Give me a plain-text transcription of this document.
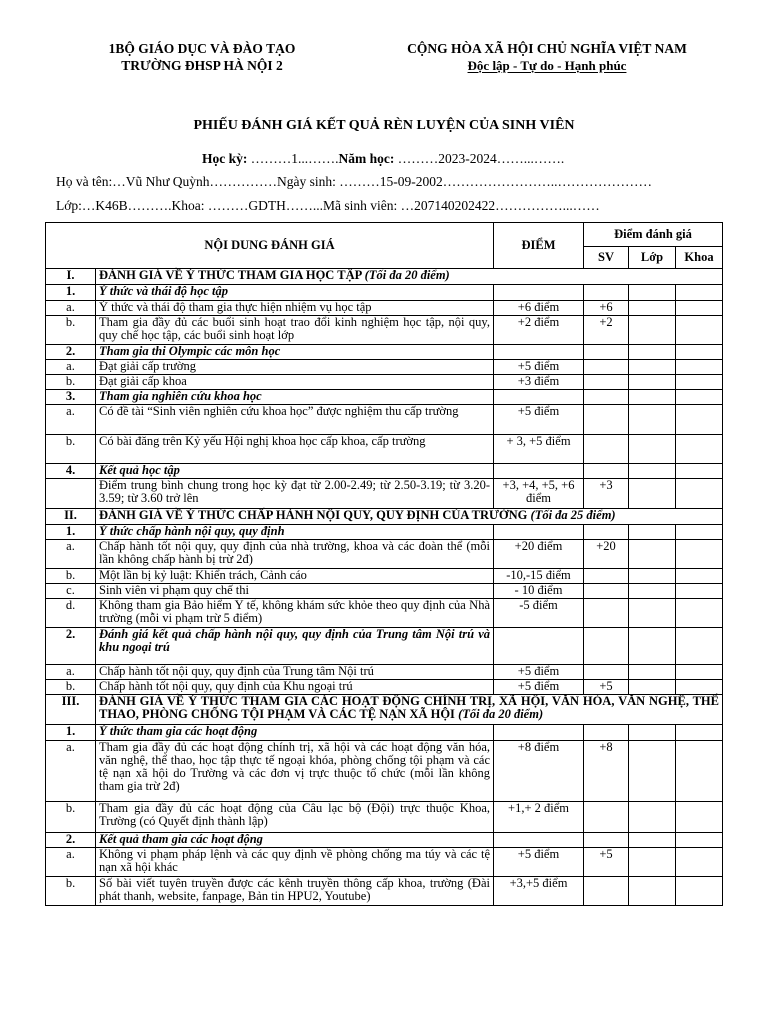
1BỘ GIÁO DỤC VÀ ĐÀO TẠO
TRƯỜNG ĐHSP HÀ NỘI 2
CỘNG HÒA XÃ HỘI CHỦ NGHĨA VIỆT NAM
Độc lập - Tự do - Hạnh phúc
PHIẾU ĐÁNH GIÁ KẾT QUẢ RÈN LUYỆN CỦA SINH VIÊN
Học kỳ: ………1...…….Năm học: ………2023-2024……...…….
Họ và tên:…Vũ Như Quỳnh……………Ngày sinh: ………15-09-2002……………………..…………………
Lớp:…K46B……….Khoa: ………GDTH……...Mã sinh viên: …207140202422……………...……
NỘI DUNG ĐÁNH GIÁ		ĐIỂM	Điểm đánh giá		
			SV	Lớp	Khoa
I.	ĐÁNH GIÁ VỀ Ý THỨC THAM GIA HỌC TẬP (Tối đa 20 điểm)				
1.	Ý thức và thái độ học tập				
a.	Ý thức và thái độ tham gia thực hiện nhiệm vụ học tập	+6 điểm	+6		
b.	Tham gia đầy đủ các buổi sinh hoạt trao đổi kinh nghiệm học tập, nội quy, quy chế học tập, các buổi sinh hoạt lớp	+2 điểm	+2		
2.	Tham gia thi Olympic các môn học				
a.	Đạt giải cấp trường	+5 điểm			
b.	Đạt giải cấp khoa	+3 điểm			
3.	Tham gia nghiên cứu khoa học				
a.	Có đề tài “Sinh viên nghiên cứu khoa học” được nghiệm thu cấp trường	+5 điểm			
b.	Có bài đăng trên Kỷ yếu Hội nghị khoa học cấp khoa, cấp trường	+ 3, +5 điểm			
4.	Kết quả học tập				
	Điểm trung bình chung trong học kỳ đạt từ 2.00-2.49; từ 2.50-3.19; từ 3.20-3.59; từ 3.60 trở lên	+3, +4, +5, +6 điểm	+3		
II.	ĐÁNH GIÁ VỀ Ý THỨC CHẤP HÀNH NỘI QUY, QUY ĐỊNH CỦA TRƯỜNG (Tối đa 25 điểm)				
1.	Ý thức chấp hành nội quy, quy định				
a.	Chấp hành tốt nội quy, quy định của nhà trường, khoa và các đoàn thể (mỗi lần không chấp hành bị trừ 2đ)	+20 điểm	+20		
b.	Một lần bị kỷ luật: Khiển trách, Cảnh cáo	-10,-15 điểm			
c.	Sinh viên vi phạm quy chế thi	- 10 điểm			
d.	Không tham gia Bảo hiểm Y tế, không khám sức khỏe theo quy định của Nhà trường (mỗi vi phạm trừ 5 điểm)	-5 điểm			
2.	Đánh giá kết quả chấp hành nội quy, quy định của Trung tâm Nội trú và khu ngoại trú				
a.	Chấp hành tốt nội quy, quy định của Trung tâm Nội trú	+5 điểm			
b.	Chấp hành tốt nội quy, quy định của Khu ngoại trú	+5 điểm	+5		
III.	ĐÁNH GIÁ VỀ Ý THỨC THAM GIA CÁC HOẠT ĐỘNG CHÍNH TRỊ, XÃ HỘI, VĂN HÓA, VĂN NGHỆ, THỂ THAO, PHÒNG CHỐNG TỘI PHẠM VÀ CÁC TỆ NẠN XÃ HỘI (Tối đa 20 điểm)				
1.	Ý thức tham gia các hoạt động				
a.	Tham gia đầy đủ các hoạt động chính trị, xã hội và các hoạt động văn hóa, văn nghệ, thể thao, học tập thực tế ngoại khóa, phòng chống tội phạm và các tệ nạn xã hội do Trường và các đơn vị trực thuộc tổ chức (mỗi lần không tham gia trừ 2đ)	+8 điểm	+8		
b.	Tham gia đầy đủ các hoạt động của Câu lạc bộ (Đội) trực thuộc Khoa, Trường (có Quyết định thành lập)	+1,+ 2 điểm			
2.	Kết quả tham gia các hoạt động				
a.	Không vi phạm pháp lệnh và các quy định về phòng chống ma túy và các tệ nạn xã hội khác	+5 điểm	+5		
b.	Số bài viết tuyên truyền được các kênh truyền thông cấp khoa, trường (Đài phát thanh, website, fanpage, Bản tin HPU2, Youtube)	+3,+5 điểm			
